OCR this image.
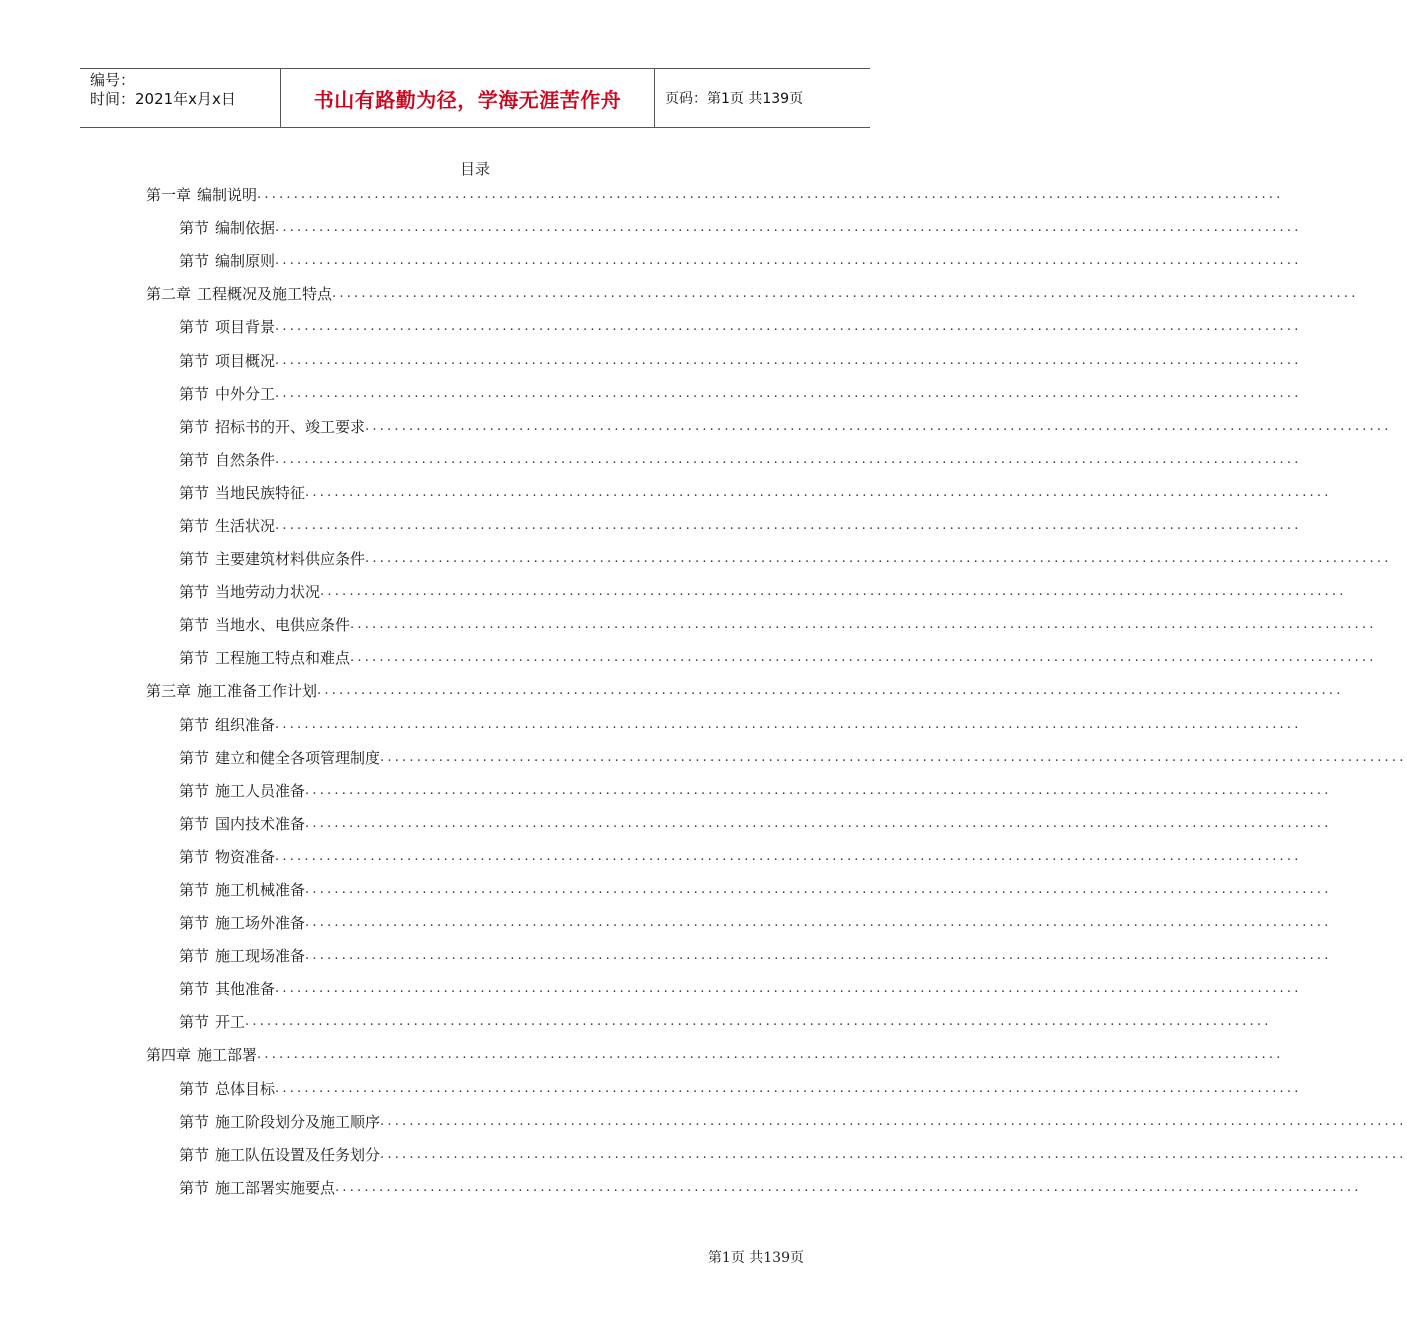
编号：
时间：2021年x月x日	书山有路勤为径，学海无涯苦作舟	页码：第1页 共139页
目录
第一章 编制说明 ............................................................................................................................................
第节 编制依据 ............................................................................................................................................
第节 编制原则 ............................................................................................................................................
第二章 工程概况及施工特点 ............................................................................................................................................
第节 项目背景 ............................................................................................................................................
第节 项目概况 ............................................................................................................................................
第节 中外分工 ............................................................................................................................................
第节 招标书的开、竣工要求 ............................................................................................................................................
第节 自然条件 ............................................................................................................................................
第节 当地民族特征 ............................................................................................................................................
第节 生活状况 ............................................................................................................................................
第节 主要建筑材料供应条件 ............................................................................................................................................
第节 当地劳动力状况 ............................................................................................................................................
第节 当地水、电供应条件 ............................................................................................................................................
第节 工程施工特点和难点 ............................................................................................................................................
第三章 施工准备工作计划 ............................................................................................................................................
第节 组织准备 ............................................................................................................................................
第节 建立和健全各项管理制度 ............................................................................................................................................
第节 施工人员准备 ............................................................................................................................................
第节 国内技术准备 ............................................................................................................................................
第节 物资准备 ............................................................................................................................................
第节 施工机械准备 ............................................................................................................................................
第节 施工场外准备 ............................................................................................................................................
第节 施工现场准备 ............................................................................................................................................
第节 其他准备 ............................................................................................................................................
第节 开工 ............................................................................................................................................
第四章 施工部署 ............................................................................................................................................
第节 总体目标 ............................................................................................................................................
第节 施工阶段划分及施工顺序 ............................................................................................................................................
第节 施工队伍设置及任务划分 ............................................................................................................................................
第节 施工部署实施要点 ............................................................................................................................................
第1页 共139页
